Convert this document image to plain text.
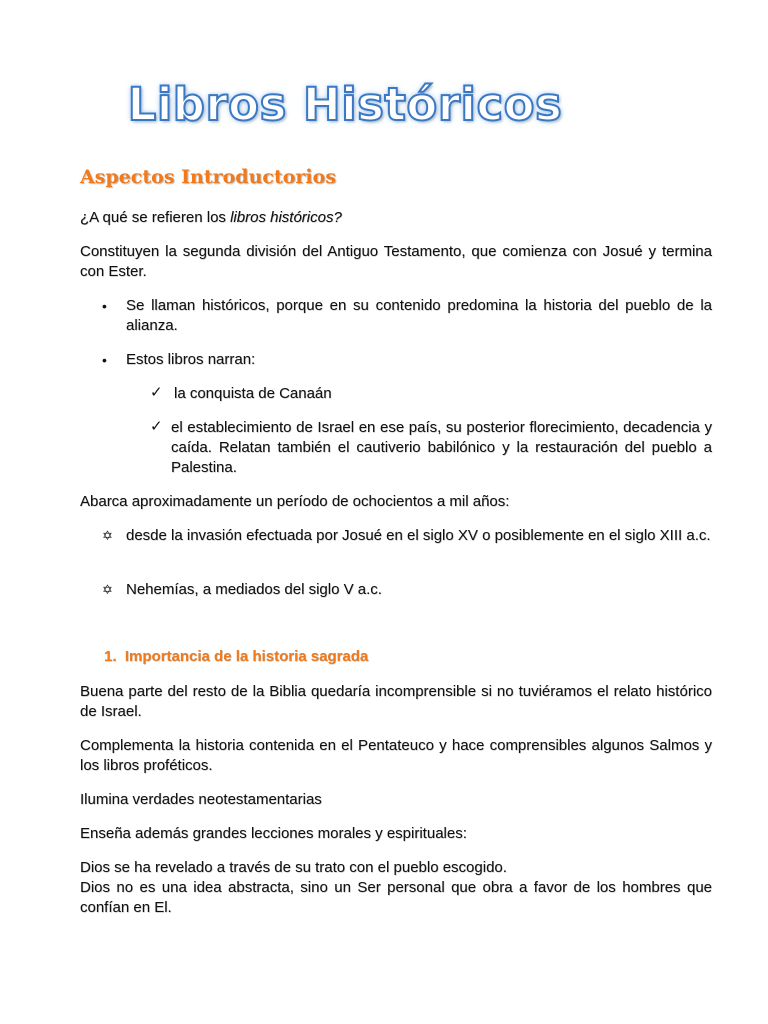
Libros Históricos
Aspectos Introductorios
¿A qué se refieren los libros históricos?
Constituyen la segunda división del Antiguo Testamento, que comienza con Josué y termina con Ester.
• Se llaman históricos, porque en su contenido predomina la historia del pueblo de la alianza.
• Estos libros narran:
✓ la conquista de Canaán
✓ el establecimiento de Israel en ese país, su posterior florecimiento, decadencia y caída. Relatan también el cautiverio babilónico y la restauración del pueblo a Palestina.
Abarca aproximadamente un período de ochocientos a mil años:
✡ desde la invasión efectuada por Josué en el siglo XV o posiblemente en el siglo XIII a.c.
✡ Nehemías, a mediados del siglo V a.c.
1. Importancia de la historia sagrada
Buena parte del resto de la Biblia quedaría incomprensible si no tuviéramos el relato histórico de Israel.
Complementa la historia contenida en el Pentateuco y hace comprensibles algunos Salmos y los libros proféticos.
Ilumina verdades neotestamentarias
Enseña además grandes lecciones morales y espirituales:
Dios se ha revelado a través de su trato con el pueblo escogido.
Dios no es una idea abstracta, sino un Ser personal que obra a favor de los hombres que confían en El.
